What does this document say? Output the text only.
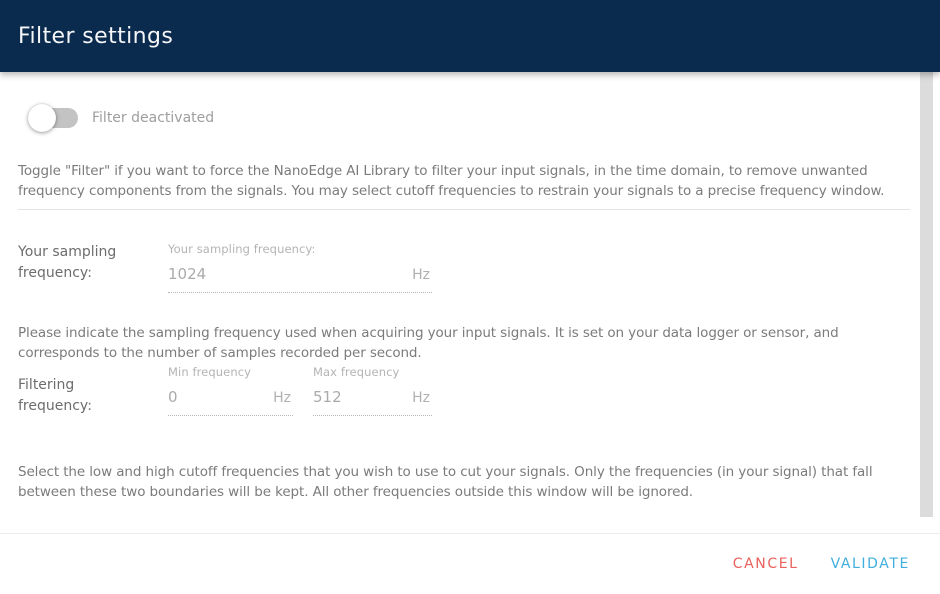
Filter settings
Filter deactivated

Toggle "Filter" if you want to force the NanoEdge AI Library to filter your input signals, in the time domain, to remove unwanted frequency components from the signals. You may select cutoff frequencies to restrain your signals to a precise frequency window.

Your sampling frequency:
Your sampling frequency:
1024
Hz

Please indicate the sampling frequency used when acquiring your input signals. It is set on your data logger or sensor, and corresponds to the number of samples recorded per second.

Filtering frequency:
Min frequency
0
Hz
Max frequency
512
Hz

Select the low and high cutoff frequencies that you wish to use to cut your signals. Only the frequencies (in your signal) that fall between these two boundaries will be kept. All other frequencies outside this window will be ignored.

CANCEL VALIDATE
